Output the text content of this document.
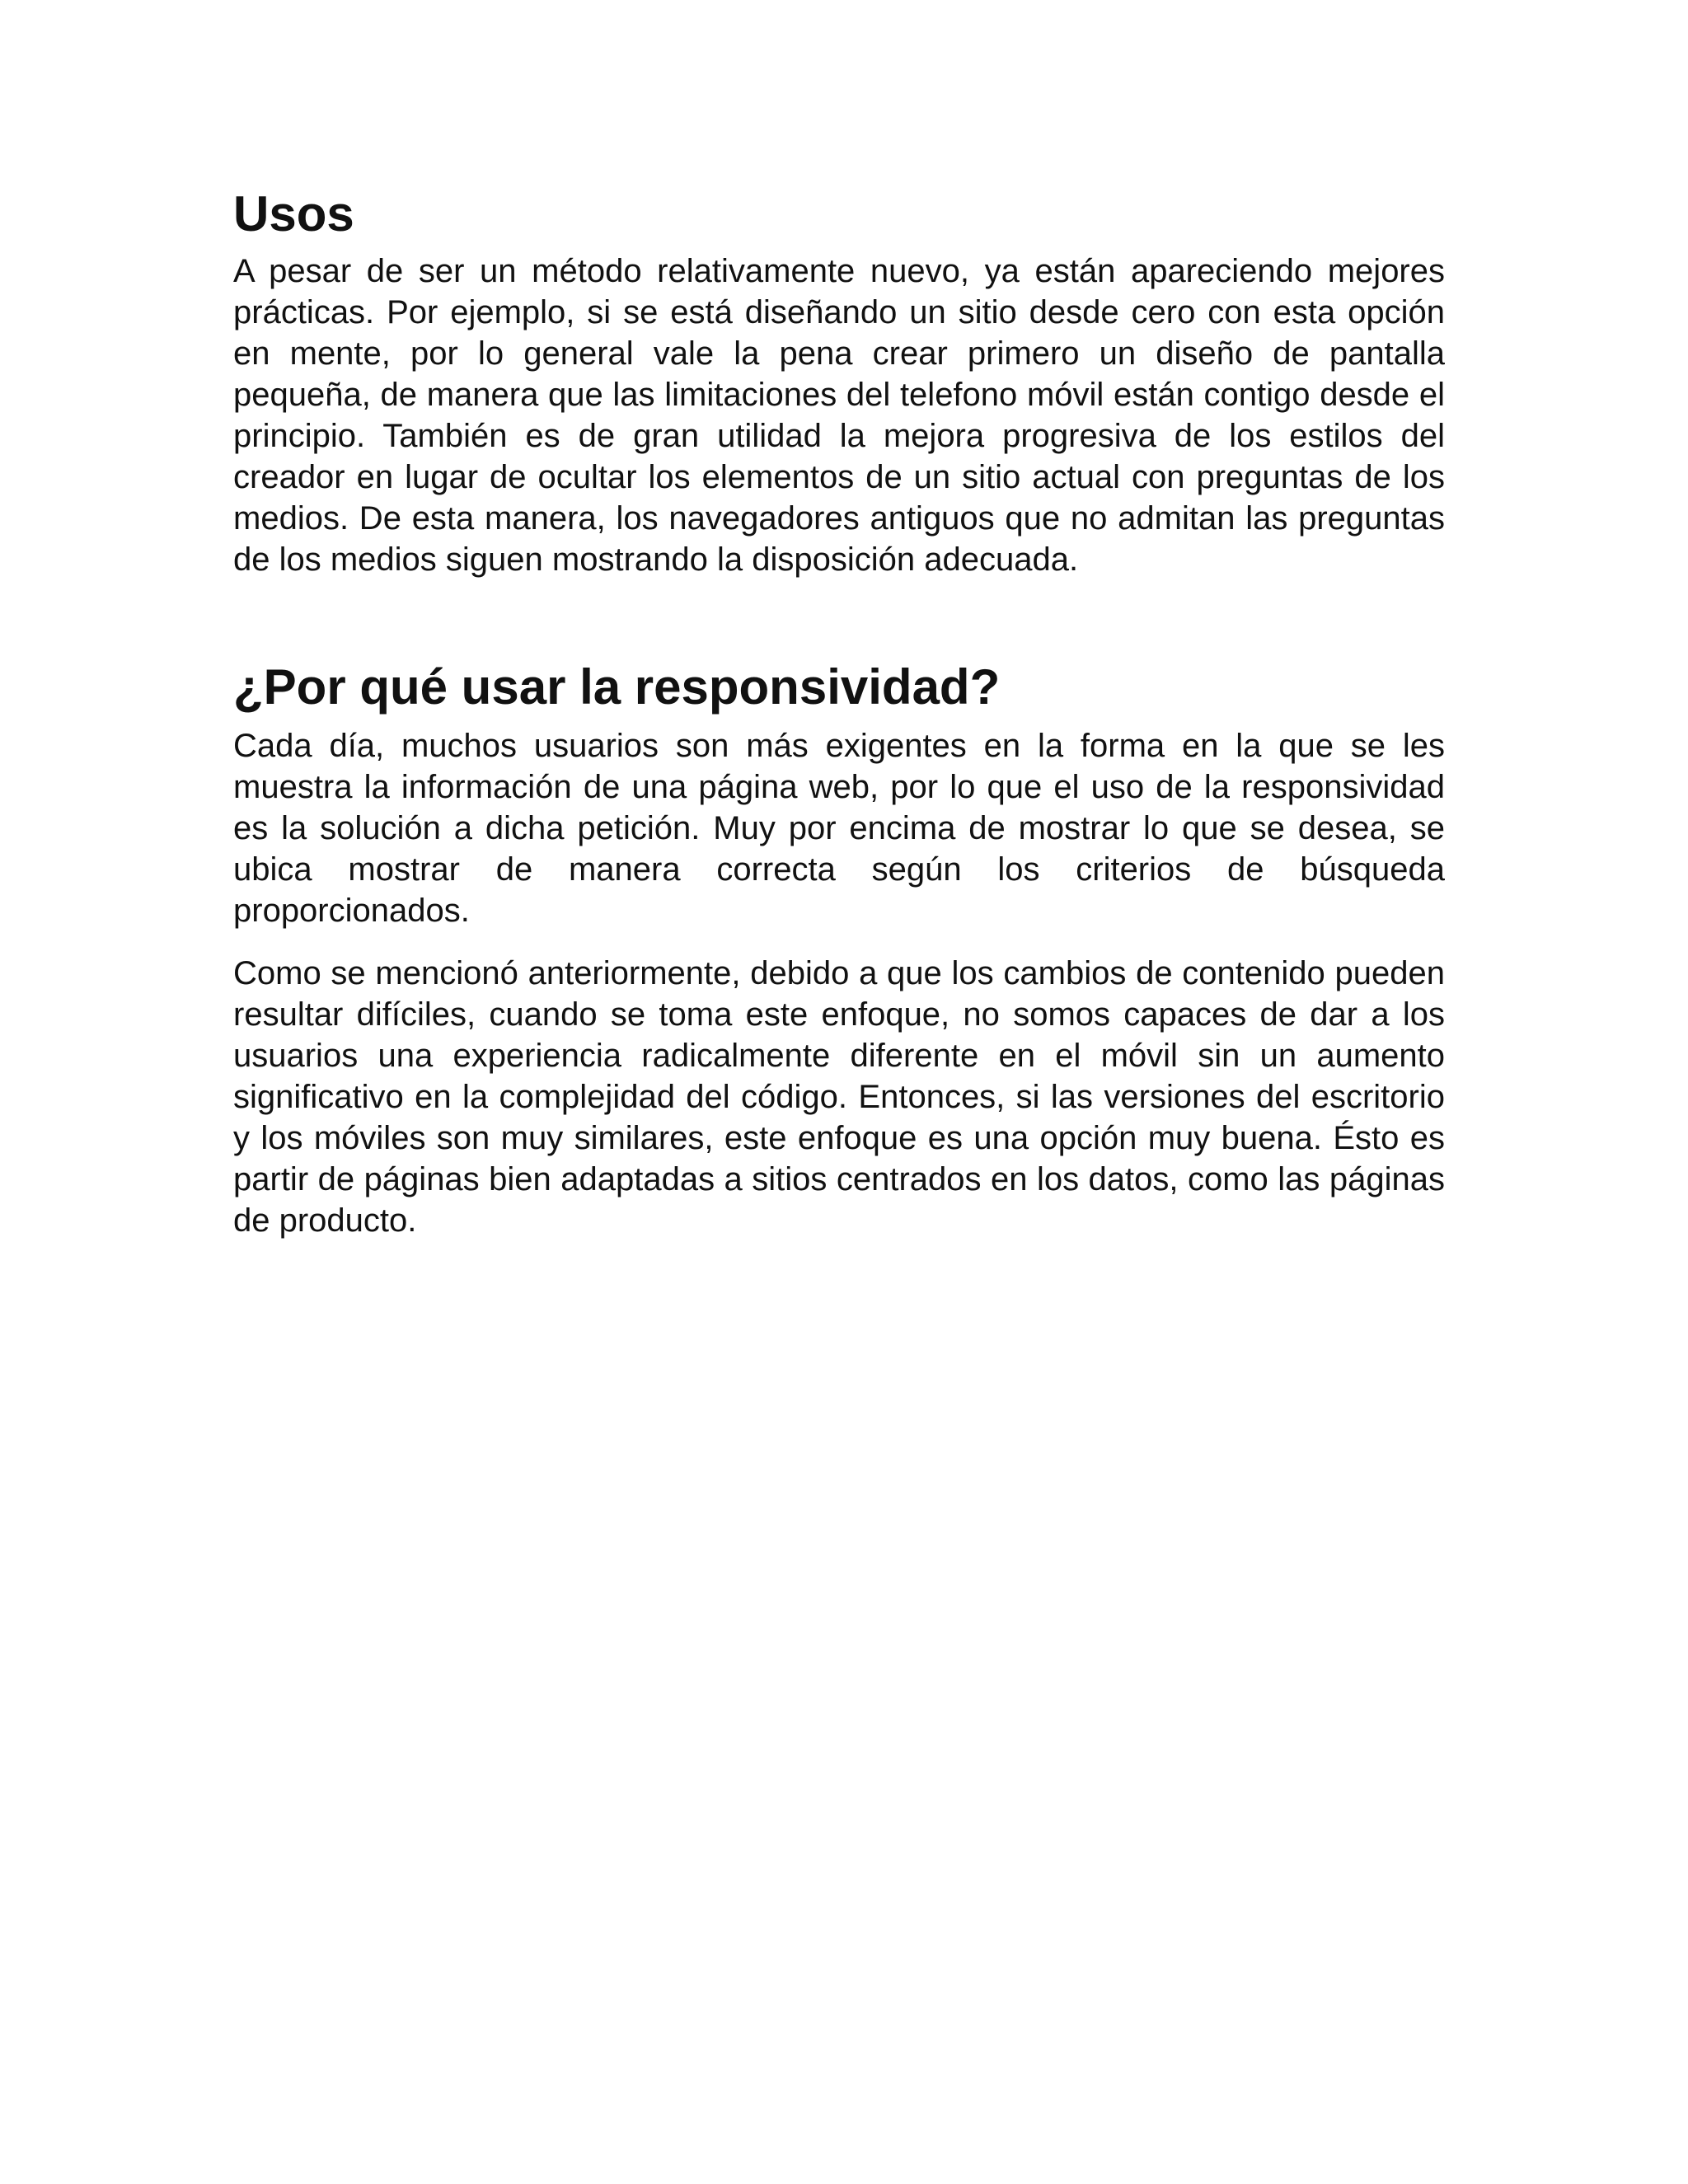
Usos

A pesar de ser un método relativamente nuevo, ya están apareciendo mejores prácticas. Por ejemplo, si se está diseñando un sitio desde cero con esta opción en mente, por lo general vale la pena crear primero un diseño de pantalla pequeña, de manera que las limitaciones del telefono móvil están contigo desde el principio. También es de gran utilidad la mejora progresiva de los estilos del creador en lugar de ocultar los elementos de un sitio actual con preguntas de los medios. De esta manera, los navegadores antiguos que no admitan las preguntas de los medios siguen mostrando la disposición adecuada.

¿Por qué usar la responsividad?

Cada día, muchos usuarios son más exigentes en la forma en la que se les muestra la información de una página web, por lo que el uso de la responsividad es la solución a dicha petición. Muy por encima de mostrar lo que se desea, se ubica mostrar de manera correcta según los criterios de búsqueda proporcionados.

Como se mencionó anteriormente, debido a que los cambios de contenido pueden resultar difíciles, cuando se toma este enfoque, no somos capaces de dar a los usuarios una experiencia radicalmente diferente en el móvil sin un aumento significativo en la complejidad del código. Entonces, si las versiones del escritorio y los móviles son muy similares, este enfoque es una opción muy buena. Ésto es partir de páginas bien adaptadas a sitios centrados en los datos, como las páginas de producto.
